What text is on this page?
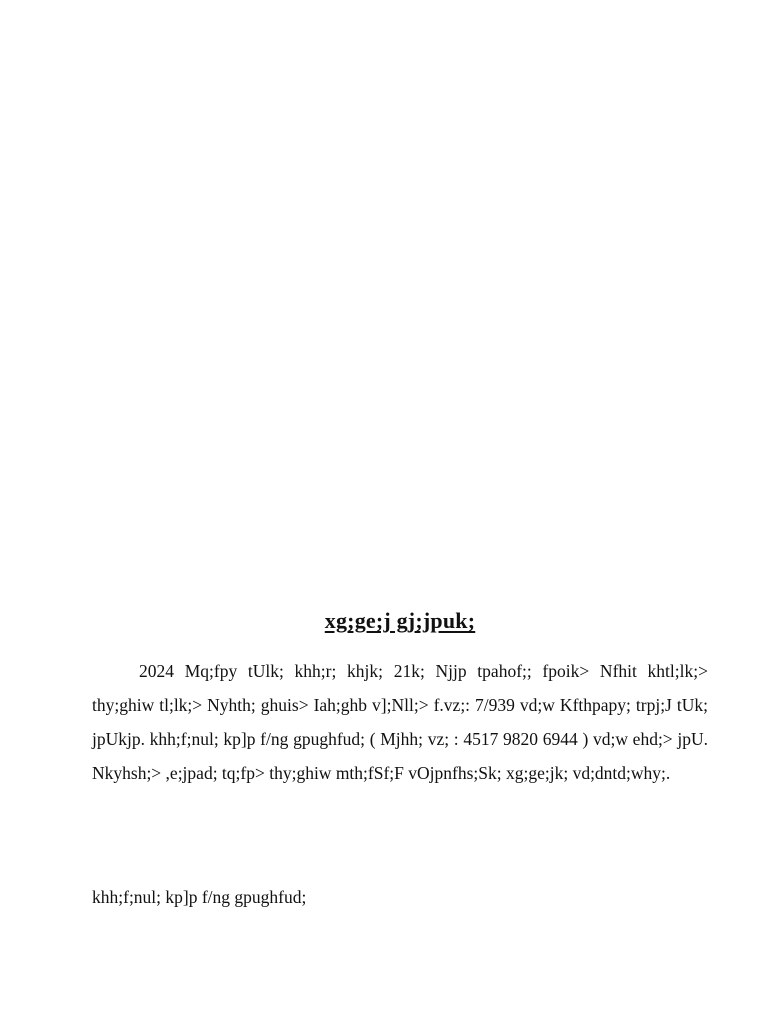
xg;ge;j gj;jpuk;

2024 Mq;fpy tUlk; khh;r; khjk; 21k; Njjp tpahof;; fpoik> Nfhit khtl;lk;> thy;ghiw tl;lk;> Nyhth; ghuis> Iah;ghb v];Nll;> f.vz;: 7/939 vd;w Kfthpapy; trpj;J tUk; jpUkjp. khh;f;nul; kp]p f/ng gpughfud; ( Mjhh; vz; : 4517 9820 6944 ) vd;w ehd;> jpU. Nkyhsh;> ,e;jpad; tq;fp> thy;ghiw mth;fSf;F vOjpnfhs;Sk; xg;ge;jk; vd;dntd;why;.

khh;f;nul; kp]p f/ng gpughfud;
